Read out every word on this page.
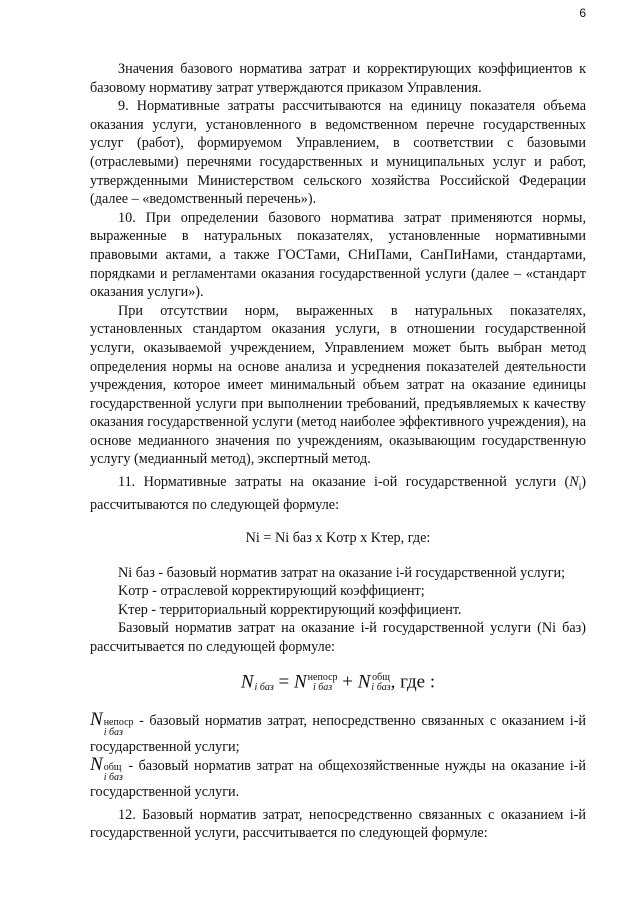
6

Значения базового норматива затрат и корректирующих коэффициентов к базовому нормативу затрат утверждаются приказом Управления.

9. Нормативные затраты рассчитываются на единицу показателя объема оказания услуги, установленного в ведомственном перечне государственных услуг (работ), формируемом Управлением, в соответствии с базовыми (отраслевыми) перечнями государственных и муниципальных услуг и работ, утвержденными Министерством сельского хозяйства Российской Федерации (далее – «ведомственный перечень»).

10. При определении базового норматива затрат применяются нормы, выраженные в натуральных показателях, установленные нормативными правовыми актами, а также ГОСТами, СНиПами, СанПиНами, стандартами, порядками и регламентами оказания государственной услуги (далее – «стандарт оказания услуги»).

При отсутствии норм, выраженных в натуральных показателях, установленных стандартом оказания услуги, в отношении государственной услуги, оказываемой учреждением, Управлением может быть выбран метод определения нормы на основе анализа и усреднения показателей деятельности учреждения, которое имеет минимальный объем затрат на оказание единицы государственной услуги при выполнении требований, предъявляемых к качеству оказания государственной услуги (метод наиболее эффективного учреждения), на основе медианного значения по учреждениям, оказывающим государственную услугу (медианный метод), экспертный метод.

11. Нормативные затраты на оказание i-ой государственной услуги $(N_i)$ рассчитываются по следующей формуле:

Ni = Ni баз x Kотр x Kтер, где:

Ni баз - базовый норматив затрат на оказание i-й государственной услуги;

Kотр - отраслевой корректирующий коэффициент;

Kтер - территориальный корректирующий коэффициент.

Базовый норматив затрат на оказание i-й государственной услуги (Ni баз) рассчитывается по следующей формуле:

N
i баз = N непоср
i баз + N общ
i баз , где :

N непоср
i баз
- базовый норматив затрат, непосредственно связанных с оказанием i-й государственной услуги;

N общ
i баз
- базовый норматив затрат на общехозяйственные нужды на оказание i-й государственной услуги.

12. Базовый норматив затрат, непосредственно связанных с оказанием i-й государственной услуги, рассчитывается по следующей формуле:
